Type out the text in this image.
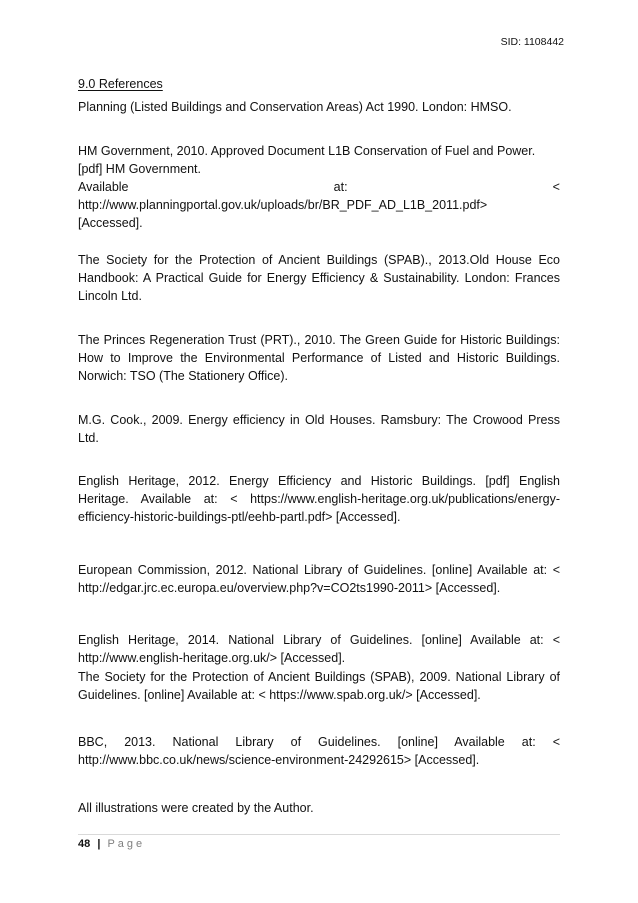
SID: 1108442
9.0 References
Planning (Listed Buildings and Conservation Areas) Act 1990. London: HMSO.
HM Government, 2010. Approved Document L1B Conservation of Fuel and Power.
[pdf] HM Government.
Available	at:	<
http://www.planningportal.gov.uk/uploads/br/BR_PDF_AD_L1B_2011.pdf>
[Accessed].
The Society for the Protection of Ancient Buildings (SPAB)., 2013.Old House Eco Handbook: A Practical Guide for Energy Efficiency & Sustainability. London: Frances Lincoln Ltd.
The Princes Regeneration Trust (PRT)., 2010. The Green Guide for Historic Buildings: How to Improve the Environmental Performance of Listed and Historic Buildings. Norwich: TSO (The Stationery Office).
M.G. Cook., 2009. Energy efficiency in Old Houses. Ramsbury: The Crowood Press Ltd.
English Heritage, 2012. Energy Efficiency and Historic Buildings. [pdf] English Heritage. Available at: < https://www.english-heritage.org.uk/publications/energy-efficiency-historic-buildings-ptl/eehb-partl.pdf> [Accessed].
European Commission, 2012. National Library of Guidelines. [online] Available at: < http://edgar.jrc.ec.europa.eu/overview.php?v=CO2ts1990-2011> [Accessed].
English Heritage, 2014. National Library of Guidelines. [online] Available at: < http://www.english-heritage.org.uk/> [Accessed].
The Society for the Protection of Ancient Buildings (SPAB), 2009. National Library of Guidelines. [online] Available at: < https://www.spab.org.uk/> [Accessed].
BBC, 2013. National Library of Guidelines. [online] Available at: < http://www.bbc.co.uk/news/science-environment-24292615> [Accessed].
All illustrations were created by the Author.
48 | Page
